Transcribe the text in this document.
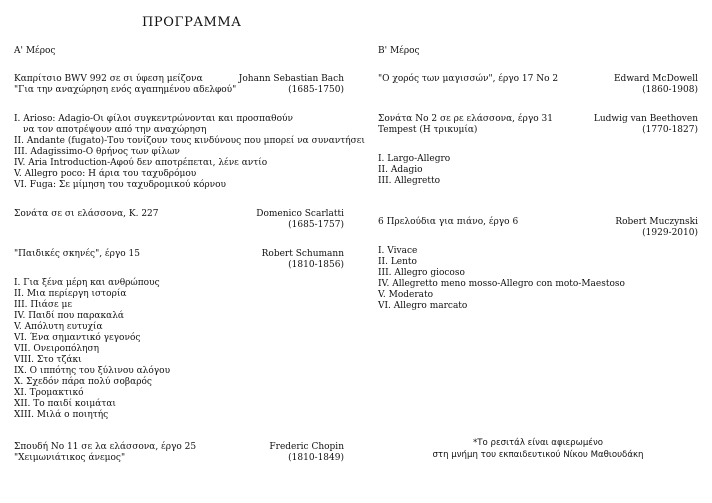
ΠΡΟΓΡΑΜΜΑ
Α' Μέρος
Καπρίτσιο BWV 992 σε σι ύφεση μείζονα	Johann Sebastian Bach
"Για την αναχώρηση ενός αγαπημένου αδελφού"	(1685-1750)
I. Arioso: Adagio-Οι φίλοι συγκεντρώνονται και προσπαθούν
να τον αποτρέψουν από την αναχώρηση
II. Andante (fugato)-Του τονίζουν τους κινδύνους που μπορεί να συναντήσει
III. Adagissimo-Ο θρήνος των φίλων
IV. Aria Introduction-Αφού δεν αποτρέπεται, λένε αντίο
V. Allegro poco: Η άρια του ταχυδρόμου
VI. Fuga: Σε μίμηση του ταχυδρομικού κόρνου
Σονάτα σε σι ελάσσονα, Κ. 227	Domenico Scarlatti
(1685-1757)
"Παιδικές σκηνές", έργο 15	Robert Schumann
(1810-1856)
I. Για ξένα μέρη και ανθρώπους
II. Μια περίεργη ιστορία
III. Πιάσε με
IV. Παιδί που παρακαλά
V. Απόλυτη ευτυχία
VI. Ένα σημαντικό γεγονός
VII. Ονειροπόληση
VIII. Στο τζάκι
IX. Ο ιππότης του ξύλινου αλόγου
X. Σχεδόν πάρα πολύ σοβαρός
XI. Τρομακτικό
XII. Το παιδί κοιμάται
XIII. Μιλά ο ποιητής
Σπουδή Νο 11 σε λα ελάσσονα, έργο 25	Frederic Chopin
"Χειμωνιάτικος άνεμος"	(1810-1849)
Β' Μέρος
"Ο χορός των μαγισσών", έργο 17 Νο 2	Edward McDowell
(1860-1908)
Σονάτα Νο 2 σε ρε ελάσσονα, έργο 31	Ludwig van Beethoven
Tempest (Η τρικυμία)	(1770-1827)
I. Largo-Allegro
II. Adagio
III. Allegretto
6 Πρελούδια για πιάνο, έργο 6	Robert Muczynski
(1929-2010)
I. Vivace
II. Lento
III. Allegro giocoso
IV. Allegretto meno mosso-Allegro con moto-Maestoso
V. Moderato
VI. Allegro marcato
*Το ρεσιτάλ είναι αφιερωμένο
στη μνήμη του εκπαιδευτικού Νίκου Μαθιουδάκη
